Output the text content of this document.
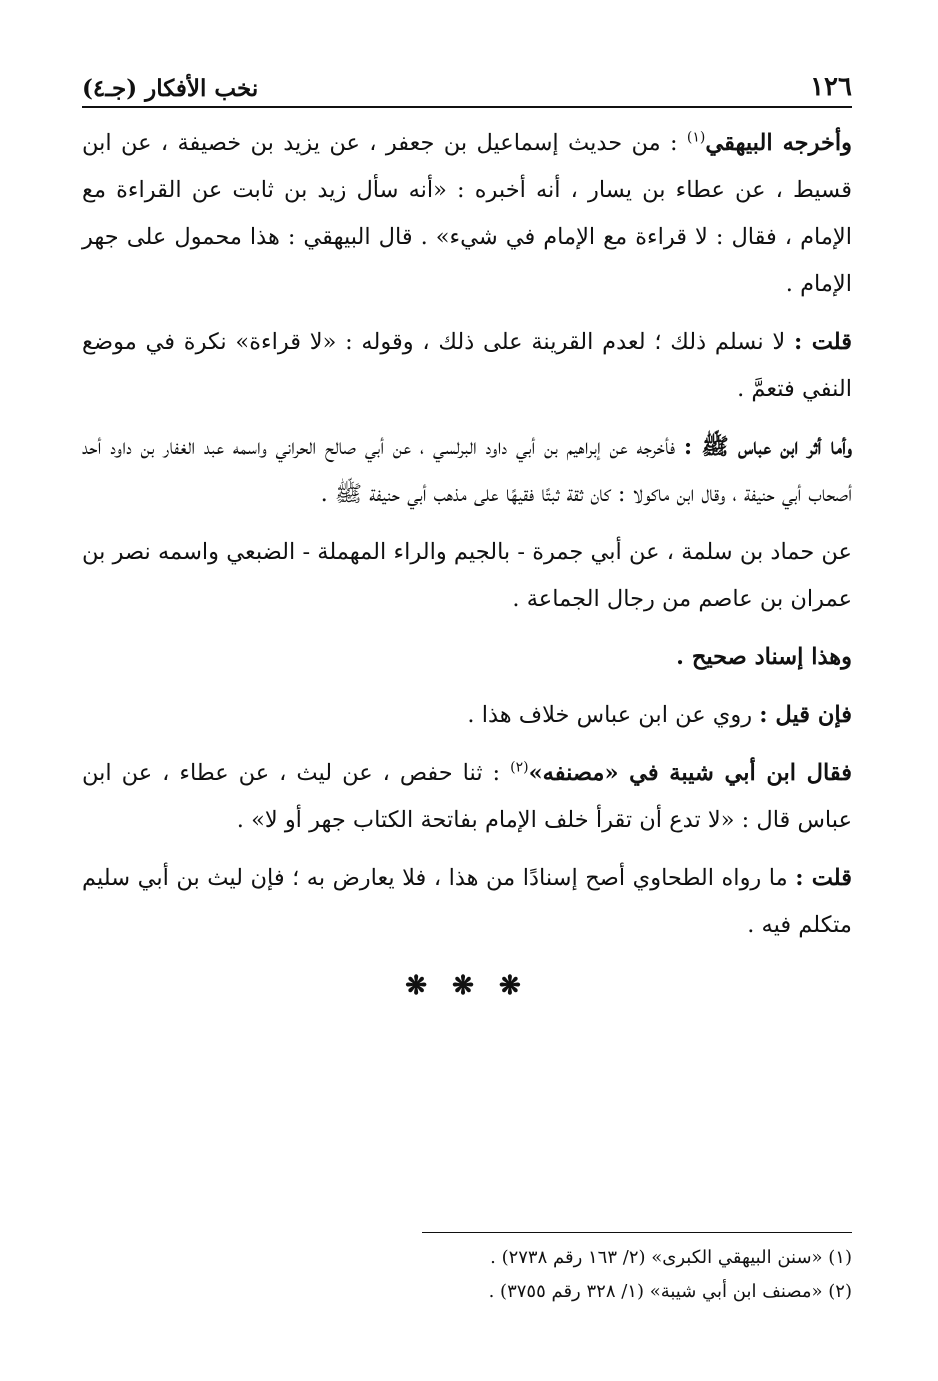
١٢٦
نخب الأفكار (جـ٤)

وأخرجه البيهقي$^{(١)}$ : من حديث إسماعيل بن جعفر ، عن يزيد بن خصيفة ، عن ابن قسيط ، عن عطاء بن يسار ، أنه أخبره : «أنه سأل زيد بن ثابت عن القراءة مع الإمام ، فقال : لا قراءة مع الإمام في شيء» . قال البيهقي : هذا محمول على جهر الإمام .

قلت : لا نسلم ذلك ؛ لعدم القرينة على ذلك ، وقوله : «لا قراءة» نكرة في موضع النفي فتعمَّ .

وأما أثر ابن عباس ﷺ : فأخرجه عن إبراهيم بن أبي داود البرلسي ، عن أبي صالح الحراني واسمه عبد الغفار بن داود أحد أصحاب أبي حنيفة ، وقال ابن ماكولا : كان ثقة ثبتًا فقيهًا على مذهب أبي حنيفة ﷺ .

عن حماد بن سلمة ، عن أبي جمرة - بالجيم والراء المهملة - الضبعي واسمه نصر بن عمران بن عاصم من رجال الجماعة .

وهذا إسناد صحيح .

فإن قيل : روي عن ابن عباس خلاف هذا .

فقال ابن أبي شيبة في «مصنفه»$^{(٢)}$ : ثنا حفص ، عن ليث ، عن عطاء ، عن ابن عباس قال : «لا تدع أن تقرأ خلف الإمام بفاتحة الكتاب جهر أو لا» .

قلت : ما رواه الطحاوي أصح إسنادًا من هذا ، فلا يعارض به ؛ فإن ليث بن أبي سليم متكلم فيه .

❋ ❋ ❋

(١) «سنن البيهقي الكبرى» (٢/ ١٦٣ رقم ٢٧٣٨) .

(٢) «مصنف ابن أبي شيبة» (١/ ٣٢٨ رقم ٣٧٥٥) .
